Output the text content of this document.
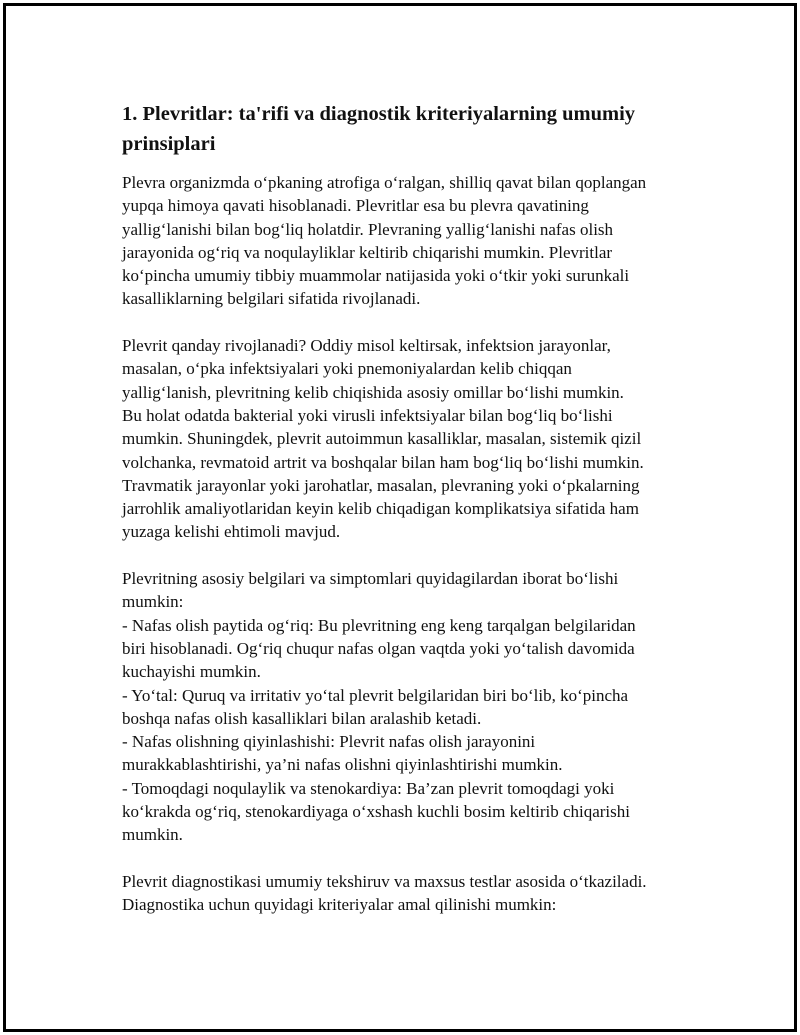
1. Plevritlar: ta'rifi va diagnostik kriteriyalarning umumiy
prinsiplari

Plevra organizmda o‘pkaning atrofiga o‘ralgan, shilliq qavat bilan qoplangan
yupqa himoya qavati hisoblanadi. Plevritlar esa bu plevra qavatining
yallig‘lanishi bilan bog‘liq holatdir. Plevraning yallig‘lanishi nafas olish
jarayonida og‘riq va noqulayliklar keltirib chiqarishi mumkin. Plevritlar
ko‘pincha umumiy tibbiy muammolar natijasida yoki o‘tkir yoki surunkali
kasalliklarning belgilari sifatida rivojlanadi.

Plevrit qanday rivojlanadi? Oddiy misol keltirsak, infektsion jarayonlar,
masalan, o‘pka infektsiyalari yoki pnemoniyalardan kelib chiqqan
yallig‘lanish, plevritning kelib chiqishida asosiy omillar bo‘lishi mumkin.
Bu holat odatda bakterial yoki virusli infektsiyalar bilan bog‘liq bo‘lishi
mumkin. Shuningdek, plevrit autoimmun kasalliklar, masalan, sistemik qizil
volchanka, revmatoid artrit va boshqalar bilan ham bog‘liq bo‘lishi mumkin.
Travmatik jarayonlar yoki jarohatlar, masalan, plevraning yoki o‘pkalarning
jarrohlik amaliyotlaridan keyin kelib chiqadigan komplikatsiya sifatida ham
yuzaga kelishi ehtimoli mavjud.

Plevritning asosiy belgilari va simptomlari quyidagilardan iborat bo‘lishi
mumkin:
- Nafas olish paytida og‘riq: Bu plevritning eng keng tarqalgan belgilaridan
biri hisoblanadi. Og‘riq chuqur nafas olgan vaqtda yoki yo‘talish davomida
kuchayishi mumkin.
- Yo‘tal: Quruq va irritativ yo‘tal plevrit belgilaridan biri bo‘lib, ko‘pincha
boshqa nafas olish kasalliklari bilan aralashib ketadi.
- Nafas olishning qiyinlashishi: Plevrit nafas olish jarayonini
murakkablashtirishi, ya’ni nafas olishni qiyinlashtirishi mumkin.
- Tomoqdagi noqulaylik va stenokardiya: Ba’zan plevrit tomoqdagi yoki
ko‘krakda og‘riq, stenokardiyaga o‘xshash kuchli bosim keltirib chiqarishi
mumkin.

Plevrit diagnostikasi umumiy tekshiruv va maxsus testlar asosida o‘tkaziladi.
Diagnostika uchun quyidagi kriteriyalar amal qilinishi mumkin:
